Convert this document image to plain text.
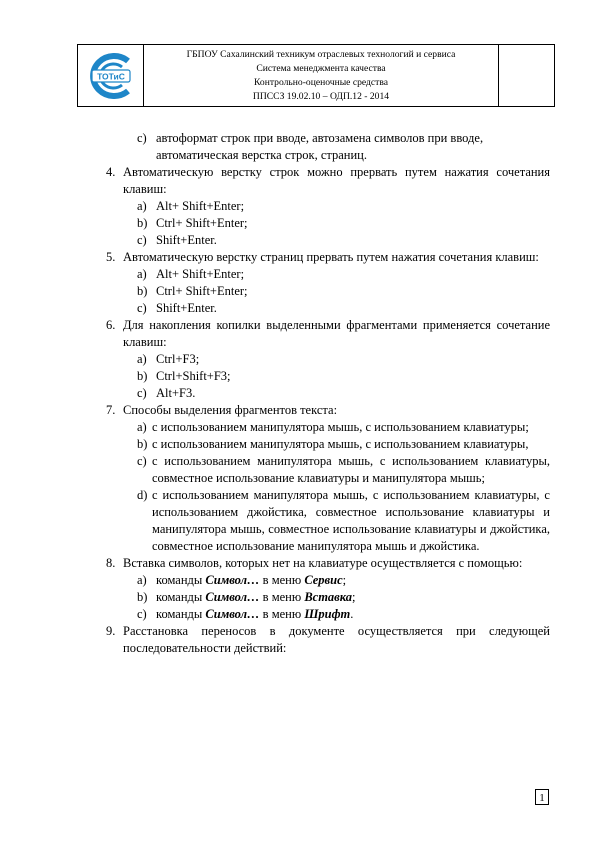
ТОТиС
ГБПОУ Сахалинский техникум отраслевых технологий и сервиса
Система менеджмента качества
Контрольно-оценочные средства
ППССЗ 19.02.10 – ОДП.12 - 2014
c) автоформат строк при вводе, автозамена символов при вводе,
автоматическая верстка строк, страниц.
4. Автоматическую верстку строк можно прервать путем нажатия сочетания клавиш:
a) Alt+ Shift+Enter;
b) Ctrl+ Shift+Enter;
c) Shift+Enter.
5. Автоматическую верстку страниц прервать путем нажатия сочетания клавиш:
a) Alt+ Shift+Enter;
b) Ctrl+ Shift+Enter;
c) Shift+Enter.
6. Для накопления копилки выделенными фрагментами применяется сочетание клавиш:
a) Ctrl+F3;
b) Ctrl+Shift+F3;
c) Alt+F3.
7. Способы выделения фрагментов текста:
a) с использованием манипулятора мышь, с использованием клавиатуры;
b) с использованием манипулятора мышь, с использованием клавиатуры,
c) с использованием манипулятора мышь, с использованием клавиатуры, совместное использование клавиатуры и манипулятора мышь;
d) с использованием манипулятора мышь, с использованием клавиатуры, с использованием джойстика, совместное использование клавиатуры и манипулятора мышь, совместное использование клавиатуры и джойстика, совместное использование манипулятора мышь и джойстика.
8. Вставка символов, которых нет на клавиатуре осуществляется с помощью:
a) команды Символ… в меню Сервис;
b) команды Символ… в меню Вставка;
c) команды Символ… в меню Шрифт.
9. Расстановка переносов в документе осуществляется при следующей последовательности действий:
1
